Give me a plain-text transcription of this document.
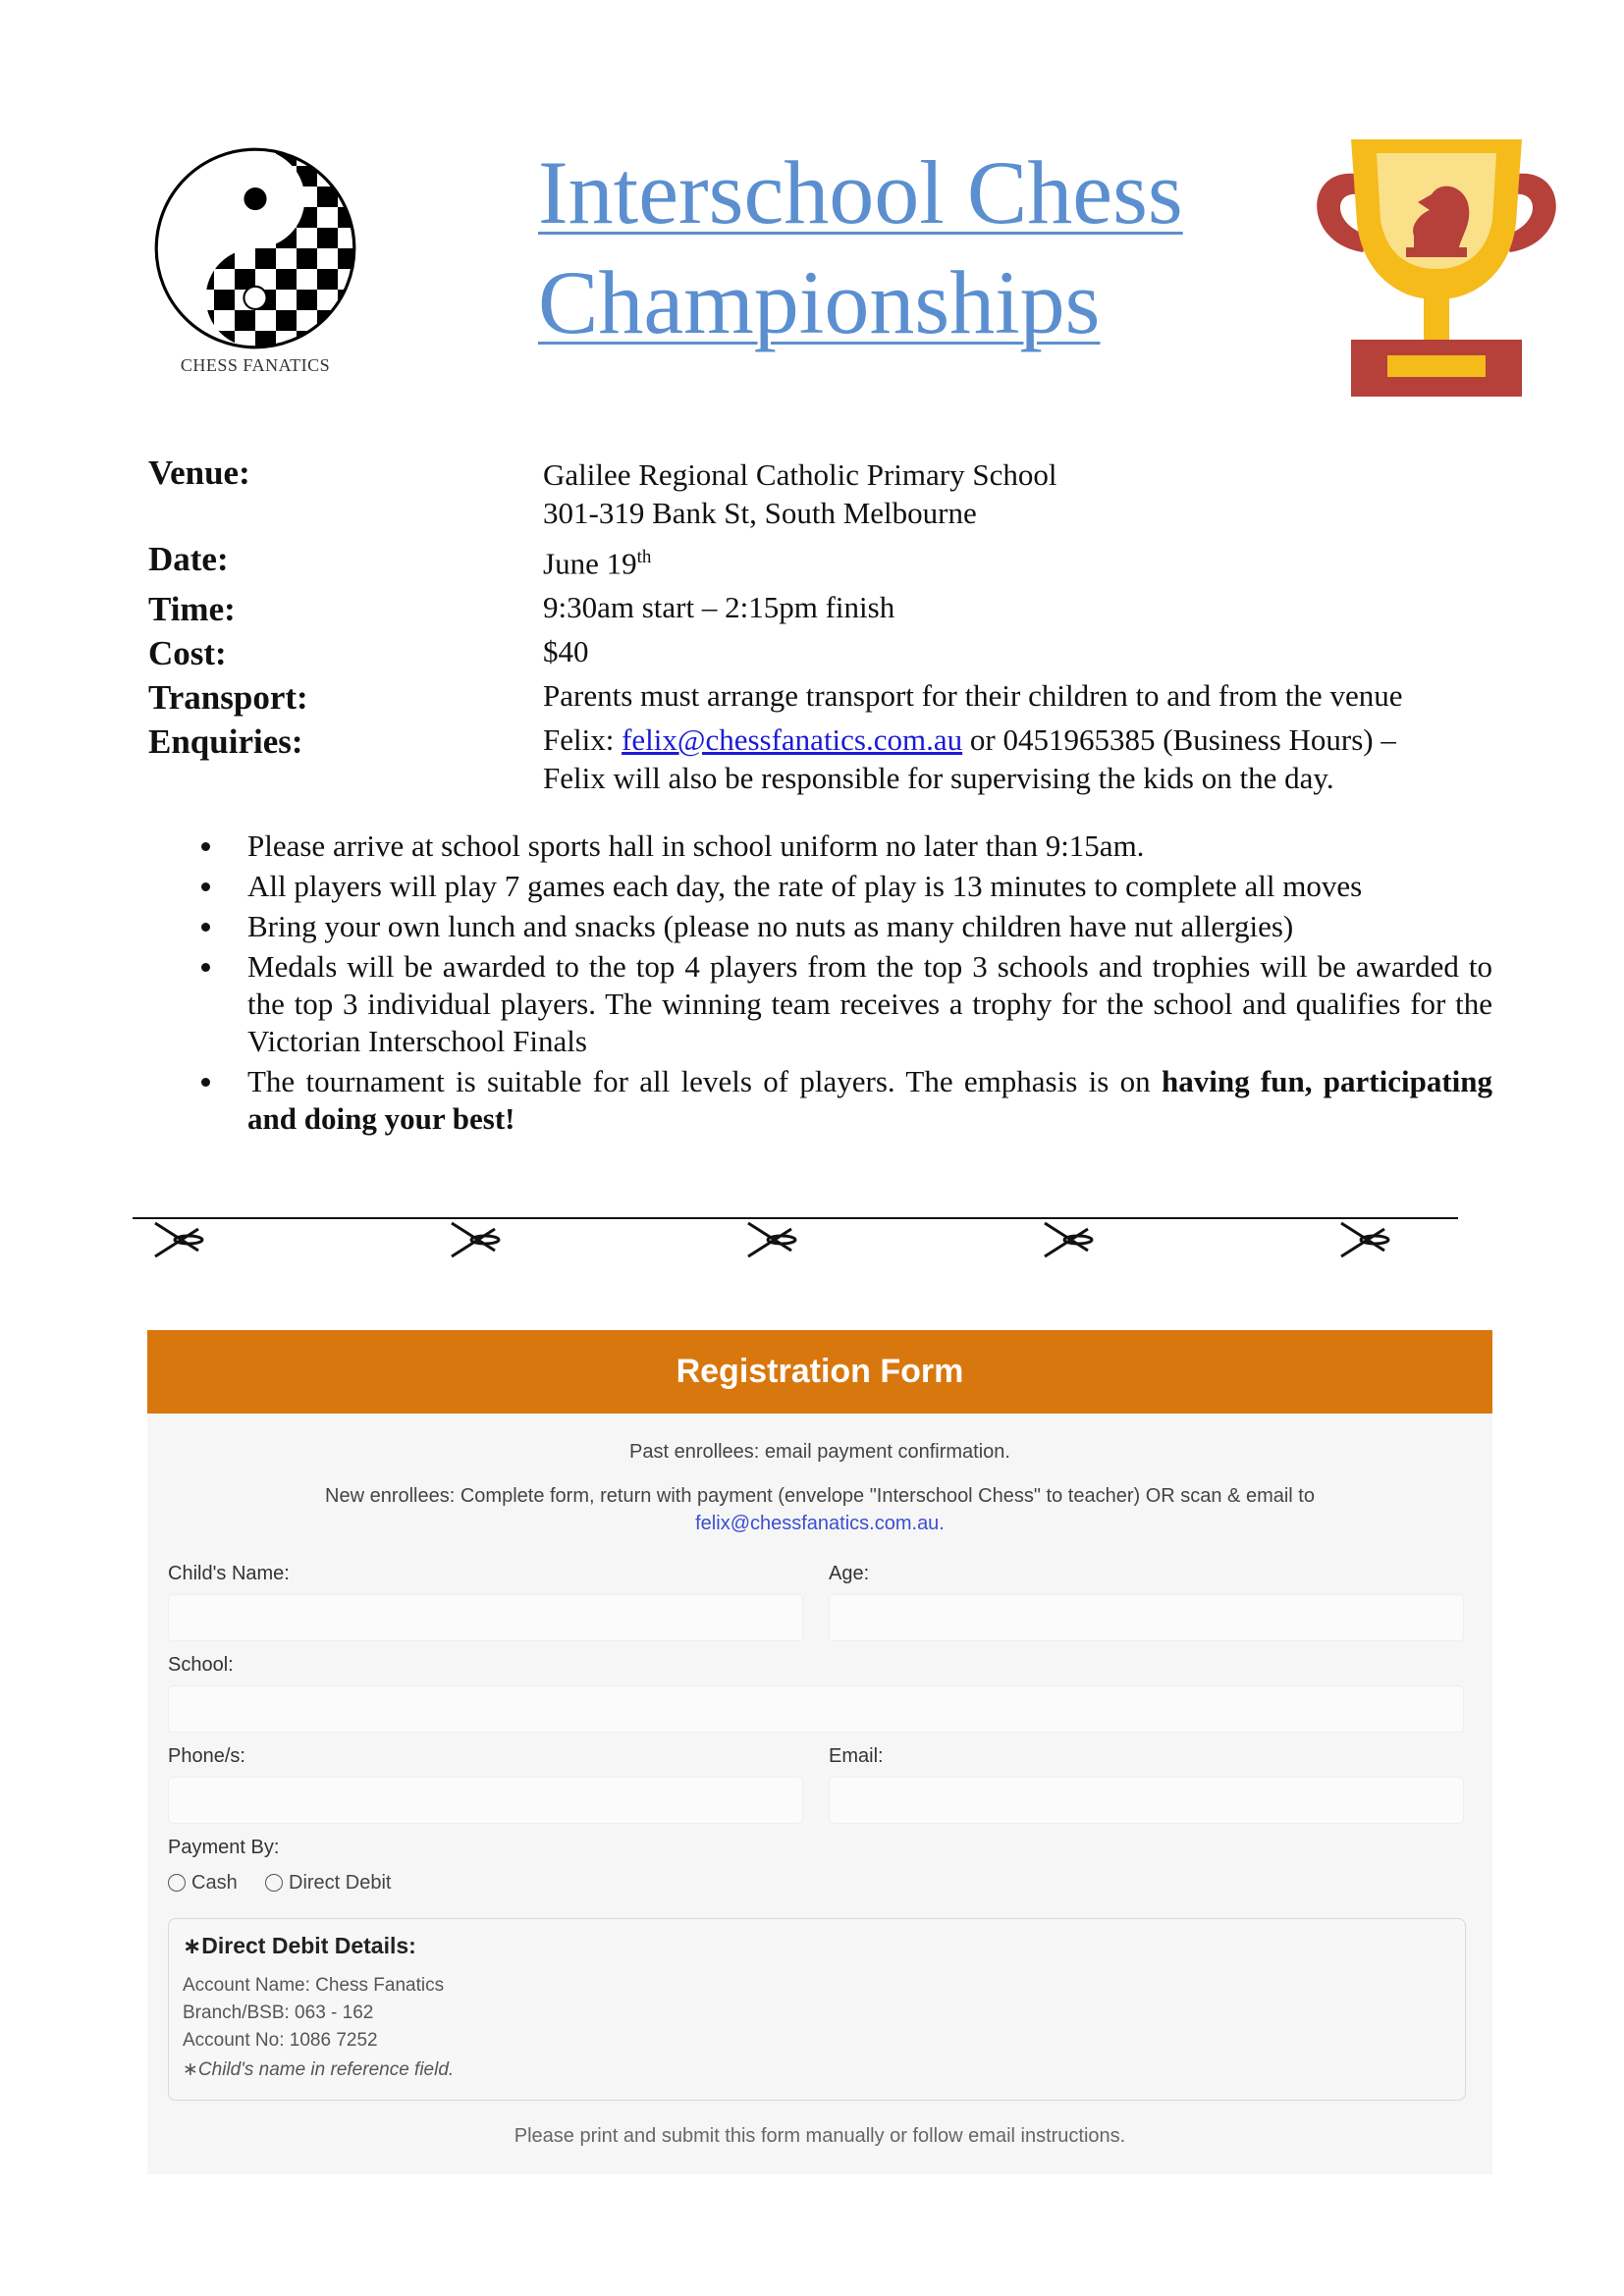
CHESS FANATICS
Interschool Chess
Championships
Venue:	Galilee Regional Catholic Primary School
301-319 Bank St, South Melbourne
Date:	June 19th
Time:	9:30am start – 2:15pm finish
Cost:	$40
Transport:	Parents must arrange transport for their children to and from the venue
Enquiries:	Felix: felix@chessfanatics.com.au or 0451965385 (Business Hours) –
Felix will also be responsible for supervising the kids on the day.
Please arrive at school sports hall in school uniform no later than 9:15am.
All players will play 7 games each day, the rate of play is 13 minutes to complete all moves
Bring your own lunch and snacks (please no nuts as many children have nut allergies)
Medals will be awarded to the top 4 players from the top 3 schools and trophies will be awarded to the top 3 individual players. The winning team receives a trophy for the school and qualifies for the Victorian Interschool Finals
The tournament is suitable for all levels of players. The emphasis is on having fun, participating and doing your best!
Registration Form
Past enrollees: email payment confirmation.
New enrollees: Complete form, return with payment (envelope "Interschool Chess" to teacher) OR scan & email to
felix@chessfanatics.com.au.
Child's Name:	Age:
School:
Phone/s:	Email:
Payment By:
Cash	Direct Debit
∗Direct Debit Details:
Account Name: Chess Fanatics
Branch/BSB: 063 - 162
Account No: 1086 7252
∗Child's name in reference field.
Please print and submit this form manually or follow email instructions.
